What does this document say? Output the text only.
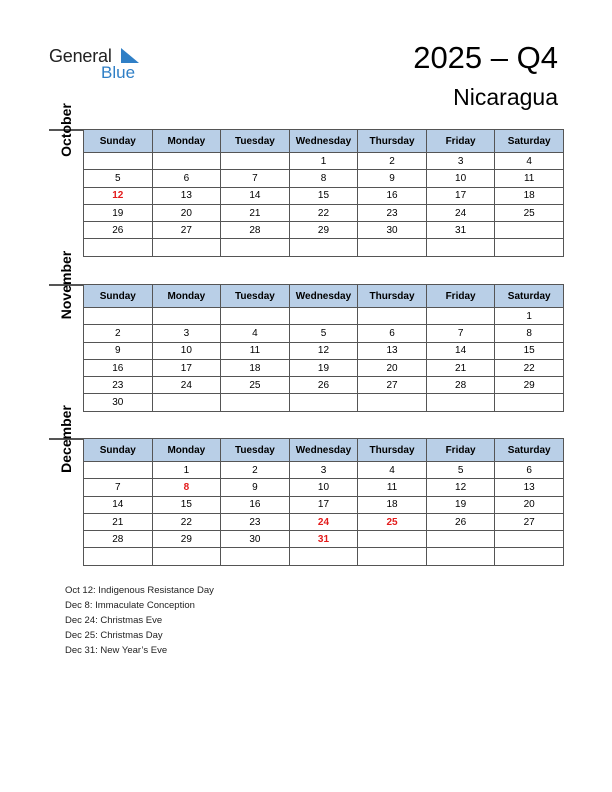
General
Blue	2025 – Q4
Nicaragua
October	Sunday	Monday	Tuesday	Wednesday	Thursday	Friday	Saturday
			1	2	3	4
5	6	7	8	9	10	11
12	13	14	15	16	17	18
19	20	21	22	23	24	25
26	27	28	29	30	31	

November	Sunday	Monday	Tuesday	Wednesday	Thursday	Friday	Saturday
						1
2	3	4	5	6	7	8
9	10	11	12	13	14	15
16	17	18	19	20	21	22
23	24	25	26	27	28	29
30						
December	Sunday	Monday	Tuesday	Wednesday	Thursday	Friday	Saturday
	1	2	3	4	5	6
7	8	9	10	11	12	13
14	15	16	17	18	19	20
21	22	23	24	25	26	27
28	29	30	31			

Oct 12: Indigenous Resistance Day
Dec 8: Immaculate Conception
Dec 24: Christmas Eve
Dec 25: Christmas Day
Dec 31: New Year’s Eve
